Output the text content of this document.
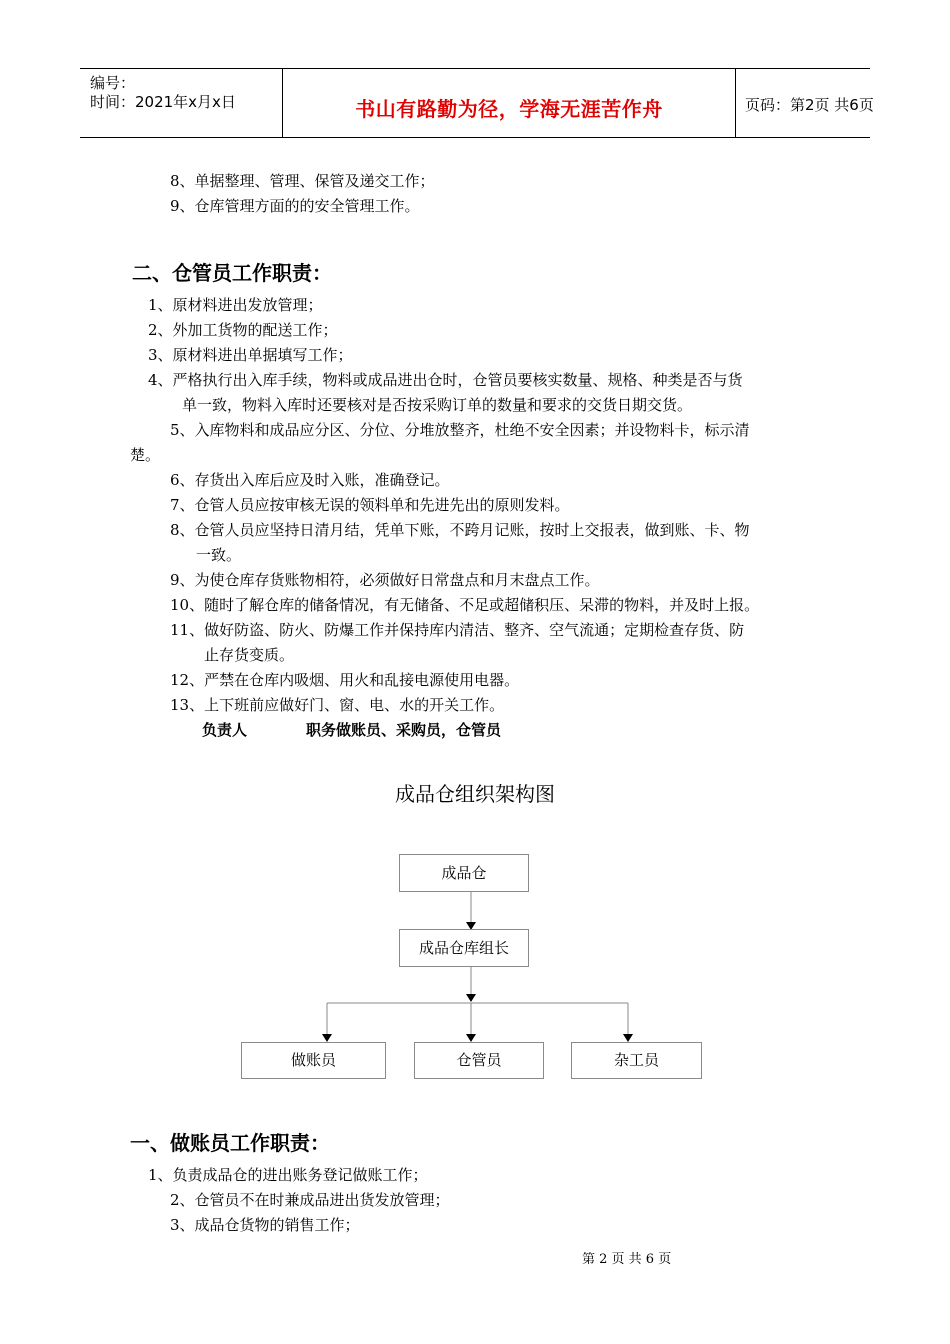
编号：
时间：2021年x月x日	书山有路勤为径，学海无涯苦作舟	页码：第2页 共6页
8、单据整理、管理、保管及递交工作；
9、仓库管理方面的的安全管理工作。
二、仓管员工作职责：
1、原材料进出发放管理；
2、外加工货物的配送工作；
3、原材料进出单据填写工作；
4、严格执行出入库手续，物料或成品进出仓时，仓管员要核实数量、规格、种类是否与货
单一致，物料入库时还要核对是否按采购订单的数量和要求的交货日期交货。
5、入库物料和成品应分区、分位、分堆放整齐，杜绝不安全因素；并设物料卡，标示清
楚。
6、存货出入库后应及时入账，准确登记。
7、仓管人员应按审核无误的领料单和先进先出的原则发料。
8、仓管人员应坚持日清月结，凭单下账，不跨月记账，按时上交报表，做到账、卡、物
一致。
9、为使仓库存货账物相符，必须做好日常盘点和月末盘点工作。
10、随时了解仓库的储备情况，有无储备、不足或超储积压、呆滞的物料，并及时上报。
11、做好防盗、防火、防爆工作并保持库内清洁、整齐、空气流通；定期检查存货、防
止存货变质。
12、严禁在仓库内吸烟、用火和乱接电源使用电器。
13、上下班前应做好门、窗、电、水的开关工作。
负责人	职务做账员、采购员，仓管员
成品仓组织架构图
成品仓
成品仓库组长
做账员	仓管员	杂工员
一、做账员工作职责：
1、负责成品仓的进出账务登记做账工作；
2、仓管员不在时兼成品进出货发放管理；
3、成品仓货物的销售工作；
第 2 页 共 6 页
